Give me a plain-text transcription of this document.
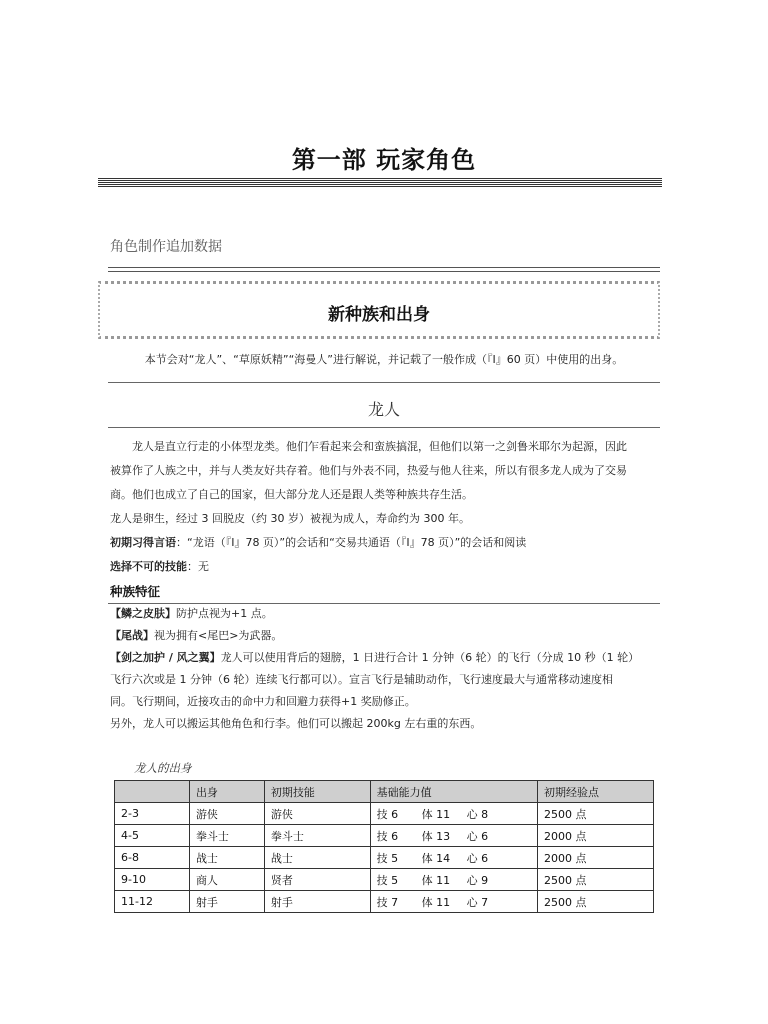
第一部 玩家角色
角色制作追加数据
新种族和出身
本节会对“龙人”、“草原妖精”“海曼人”进行解说，并记载了一般作成（『Ⅰ』60 页）中使用的出身。
龙人
　　龙人是直立行走的小体型龙类。他们乍看起来会和蛮族搞混，但他们以第一之剑鲁米耶尔为起源，因此
被算作了人族之中，并与人类友好共存着。他们与外表不同，热爱与他人往来，所以有很多龙人成为了交易
商。他们也成立了自己的国家，但大部分龙人还是跟人类等种族共存生活。
龙人是卵生，经过 3 回脱皮（约 30 岁）被视为成人，寿命约为 300 年。
初期习得言语：“龙语（『Ⅰ』78 页）”的会话和“交易共通语（『Ⅰ』78 页）”的会话和阅读
选择不可的技能：无
种族特征
【鳞之皮肤】防护点视为+1 点。
【尾战】视为拥有<尾巴>为武器。
【剑之加护 / 风之翼】龙人可以使用背后的翅膀，1 日进行合计 1 分钟（6 轮）的飞行（分成 10 秒（1 轮）
飞行六次或是 1 分钟（6 轮）连续飞行都可以）。宣言飞行是辅助动作，飞行速度最大与通常移动速度相
同。飞行期间，近接攻击的命中力和回避力获得+1 奖励修正。
另外，龙人可以搬运其他角色和行李。他们可以搬起 200kg 左右重的东西。
龙人的出身
	出身	初期技能	基础能力值	初期经验点
2-3	游侠	游侠	技 6 体 11 心 8	2500 点
4-5	拳斗士	拳斗士	技 6 体 13 心 6	2000 点
6-8	战士	战士	技 5 体 14 心 6	2000 点
9-10	商人	贤者	技 5 体 11 心 9	2500 点
11-12	射手	射手	技 7 体 11 心 7	2500 点
